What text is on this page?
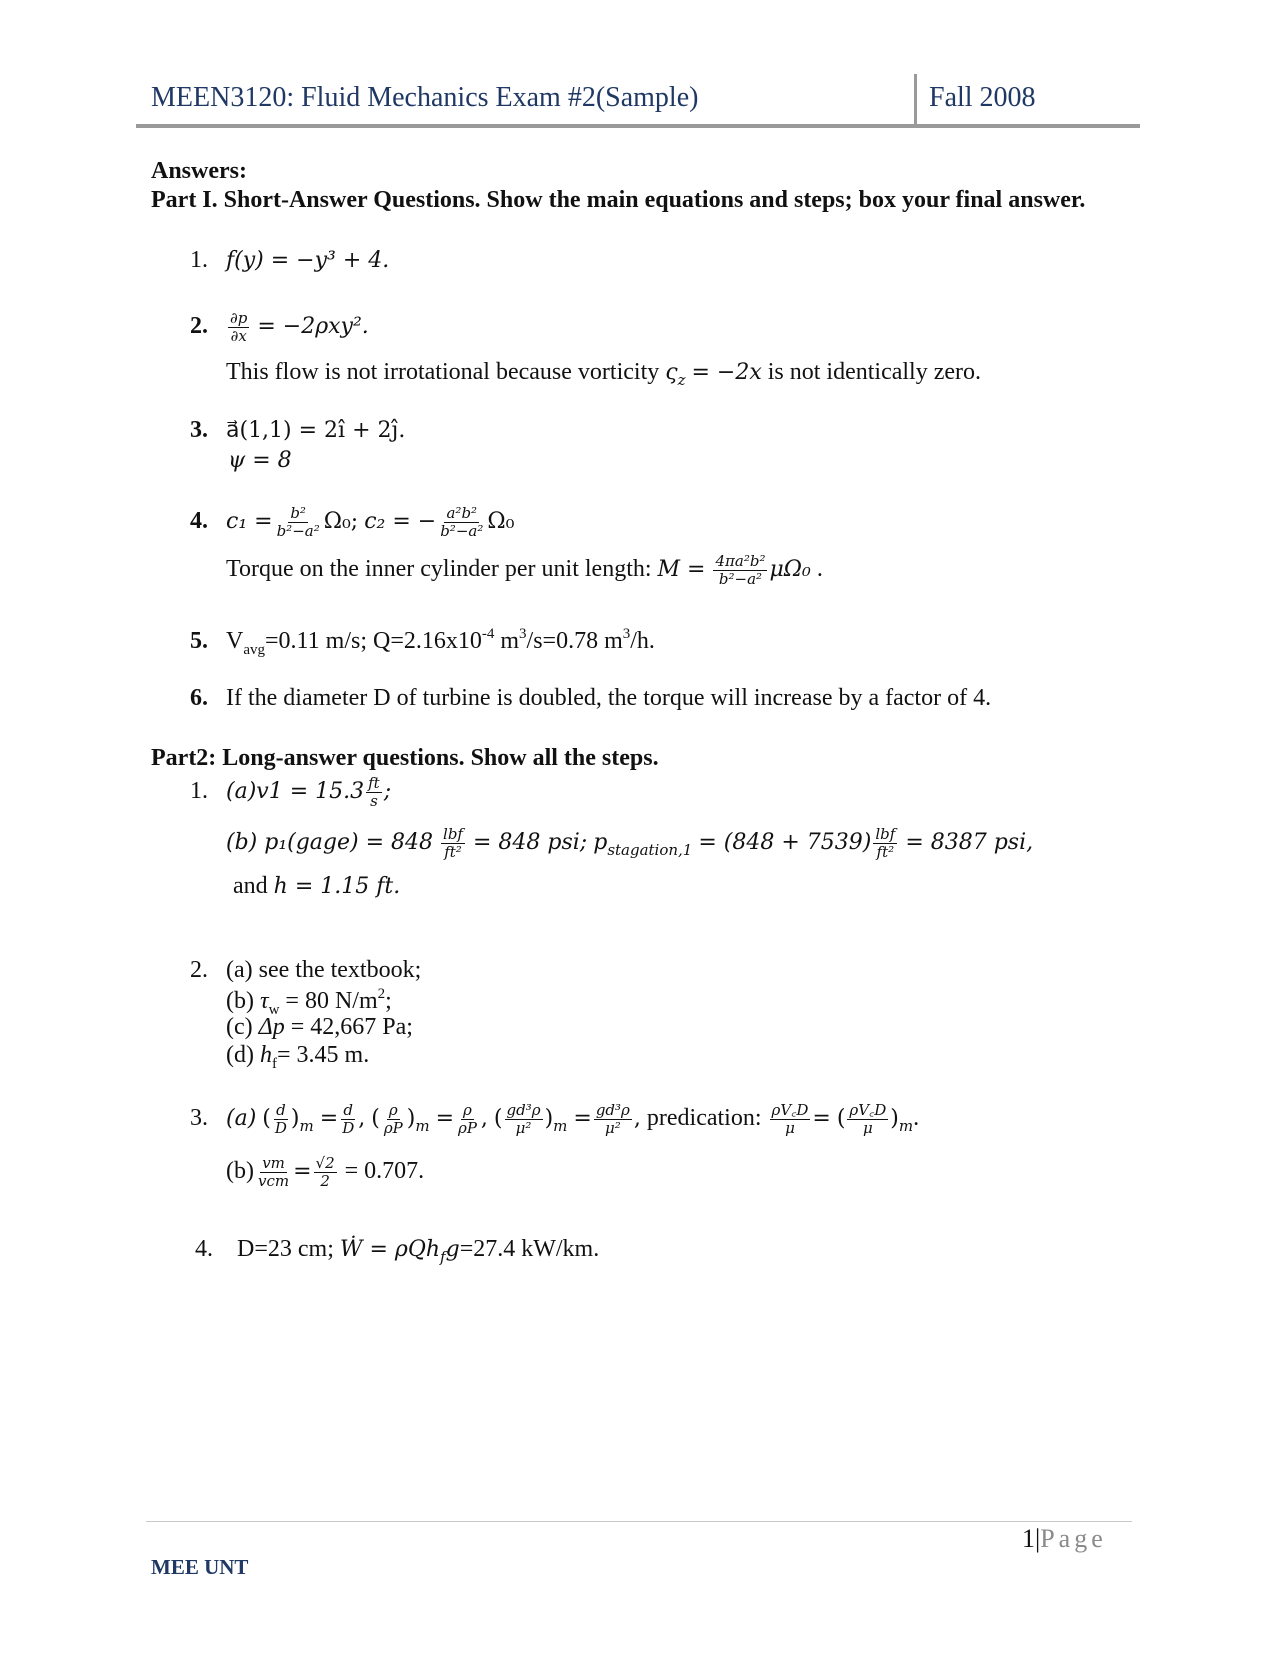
MEEN3120: Fluid Mechanics Exam #2(Sample)	Fall 2008
Answers:
Part I. Short-Answer Questions. Show the main equations and steps; box your final answer.
1. f(y) = −y³ + 4.
2. $\frac{\partial p}{\partial x} = -2\rho xy^2$.
This flow is not irrotational because vorticity $\varsigma_z = -2x$ is not identically zero.
3. a⃗(1,1) = 2î + 2ĵ.
ψ = 8
4. $c_1 = \frac{\text{b²}}{\text{b²−a²}} \Omega_0$; c₂ = − $\frac{\text{a²b²}}{\text{b²−a²}} \Omega_0$
Torque on the inner cylinder per unit length: $M = \frac{\text{4πa²b²}}{\text{b²−a²}} \mu\Omega_0$ .
5. $V_{avg}=0.11$ m/s; $Q=2.16x10^{-4}$ $m^3/s=0.78$ $m^3/h$.
6. If the diameter D of turbine is doubled, the torque will increase by a factor of 4.
Part2: Long-answer questions. Show all the steps.
1. $(a)v1 = 15.3 \frac{ft}{s}$ ;
(b) p₁(gage) = $848 \frac{\text{lbf}}{\text{ft²}} = 848$ psi; $p_{stagation,1} = (848 + 7539) \frac{\text{lbf}}{\text{ft²}} = 8387$ psi,
and h = 1.15 ft.
2. (a) see the textbook;
(b) $\tau_w = 80$ $N/m^2$;
(c) Δp = 42,667 Pa;
(d) $h_f= 3.45$ m.
3. (a) ( $\frac{d}{D} )_m = \frac{d}{D}$ , ( $\frac{\rho}{\rho P} )_m = \frac{\rho}{\rho P}$ , ( $\frac{\text{gd³ρ}}{\text{μ²}} )_m = \frac{\text{gd³ρ}}{\text{μ²}}$ , predication: $\frac{\rho V꜀D}{\mu}$ = ( $\frac{\rho V꜀D}{\mu} )_m$.
$(b) \frac{vm}{\text{vcm}} = \frac{√2}{2} = 0.707$.
4. D=23 cm; Ẇ = ρQh$_f$g=27.4 kW/km.
1|Page
MEE UNT
